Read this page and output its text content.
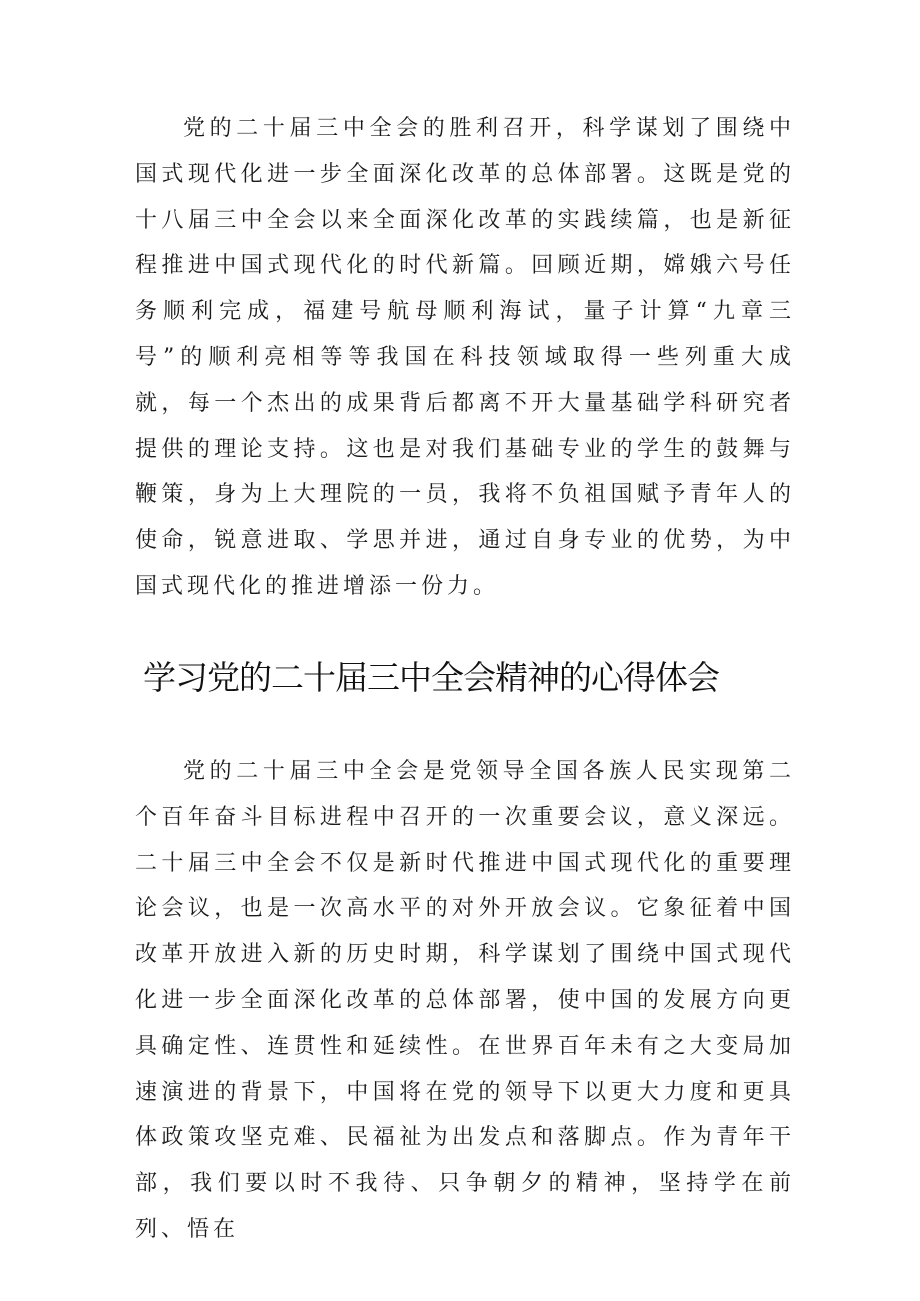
党的二十届三中全会的胜利召开，科学谋划了围绕中国式现代化进一步全面深化改革的总体部署。这既是党的十八届三中全会以来全面深化改革的实践续篇，也是新征程推进中国式现代化的时代新篇。回顾近期，嫦娥六号任务顺利完成，福建号航母顺利海试，量子计算“九章三号”的顺利亮相等等我国在科技领域取得一些列重大成就，每一个杰出的成果背后都离不开大量基础学科研究者提供的理论支持。这也是对我们基础专业的学生的鼓舞与鞭策，身为上大理院的一员，我将不负祖国赋予青年人的使命，锐意进取、学思并进，通过自身专业的优势，为中国式现代化的推进增添一份力。

学习党的二十届三中全会精神的心得体会

党的二十届三中全会是党领导全国各族人民实现第二个百年奋斗目标进程中召开的一次重要会议，意义深远。二十届三中全会不仅是新时代推进中国式现代化的重要理论会议，也是一次高水平的对外开放会议。它象征着中国改革开放进入新的历史时期，科学谋划了围绕中国式现代化进一步全面深化改革的总体部署，使中国的发展方向更具确定性、连贯性和延续性。在世界百年未有之大变局加速演进的背景下，中国将在党的领导下以更大力度和更具体政策攻坚克难、民福祉为出发点和落脚点。作为青年干部，我们要以时不我待、只争朝夕的精神，坚持学在前列、悟在
